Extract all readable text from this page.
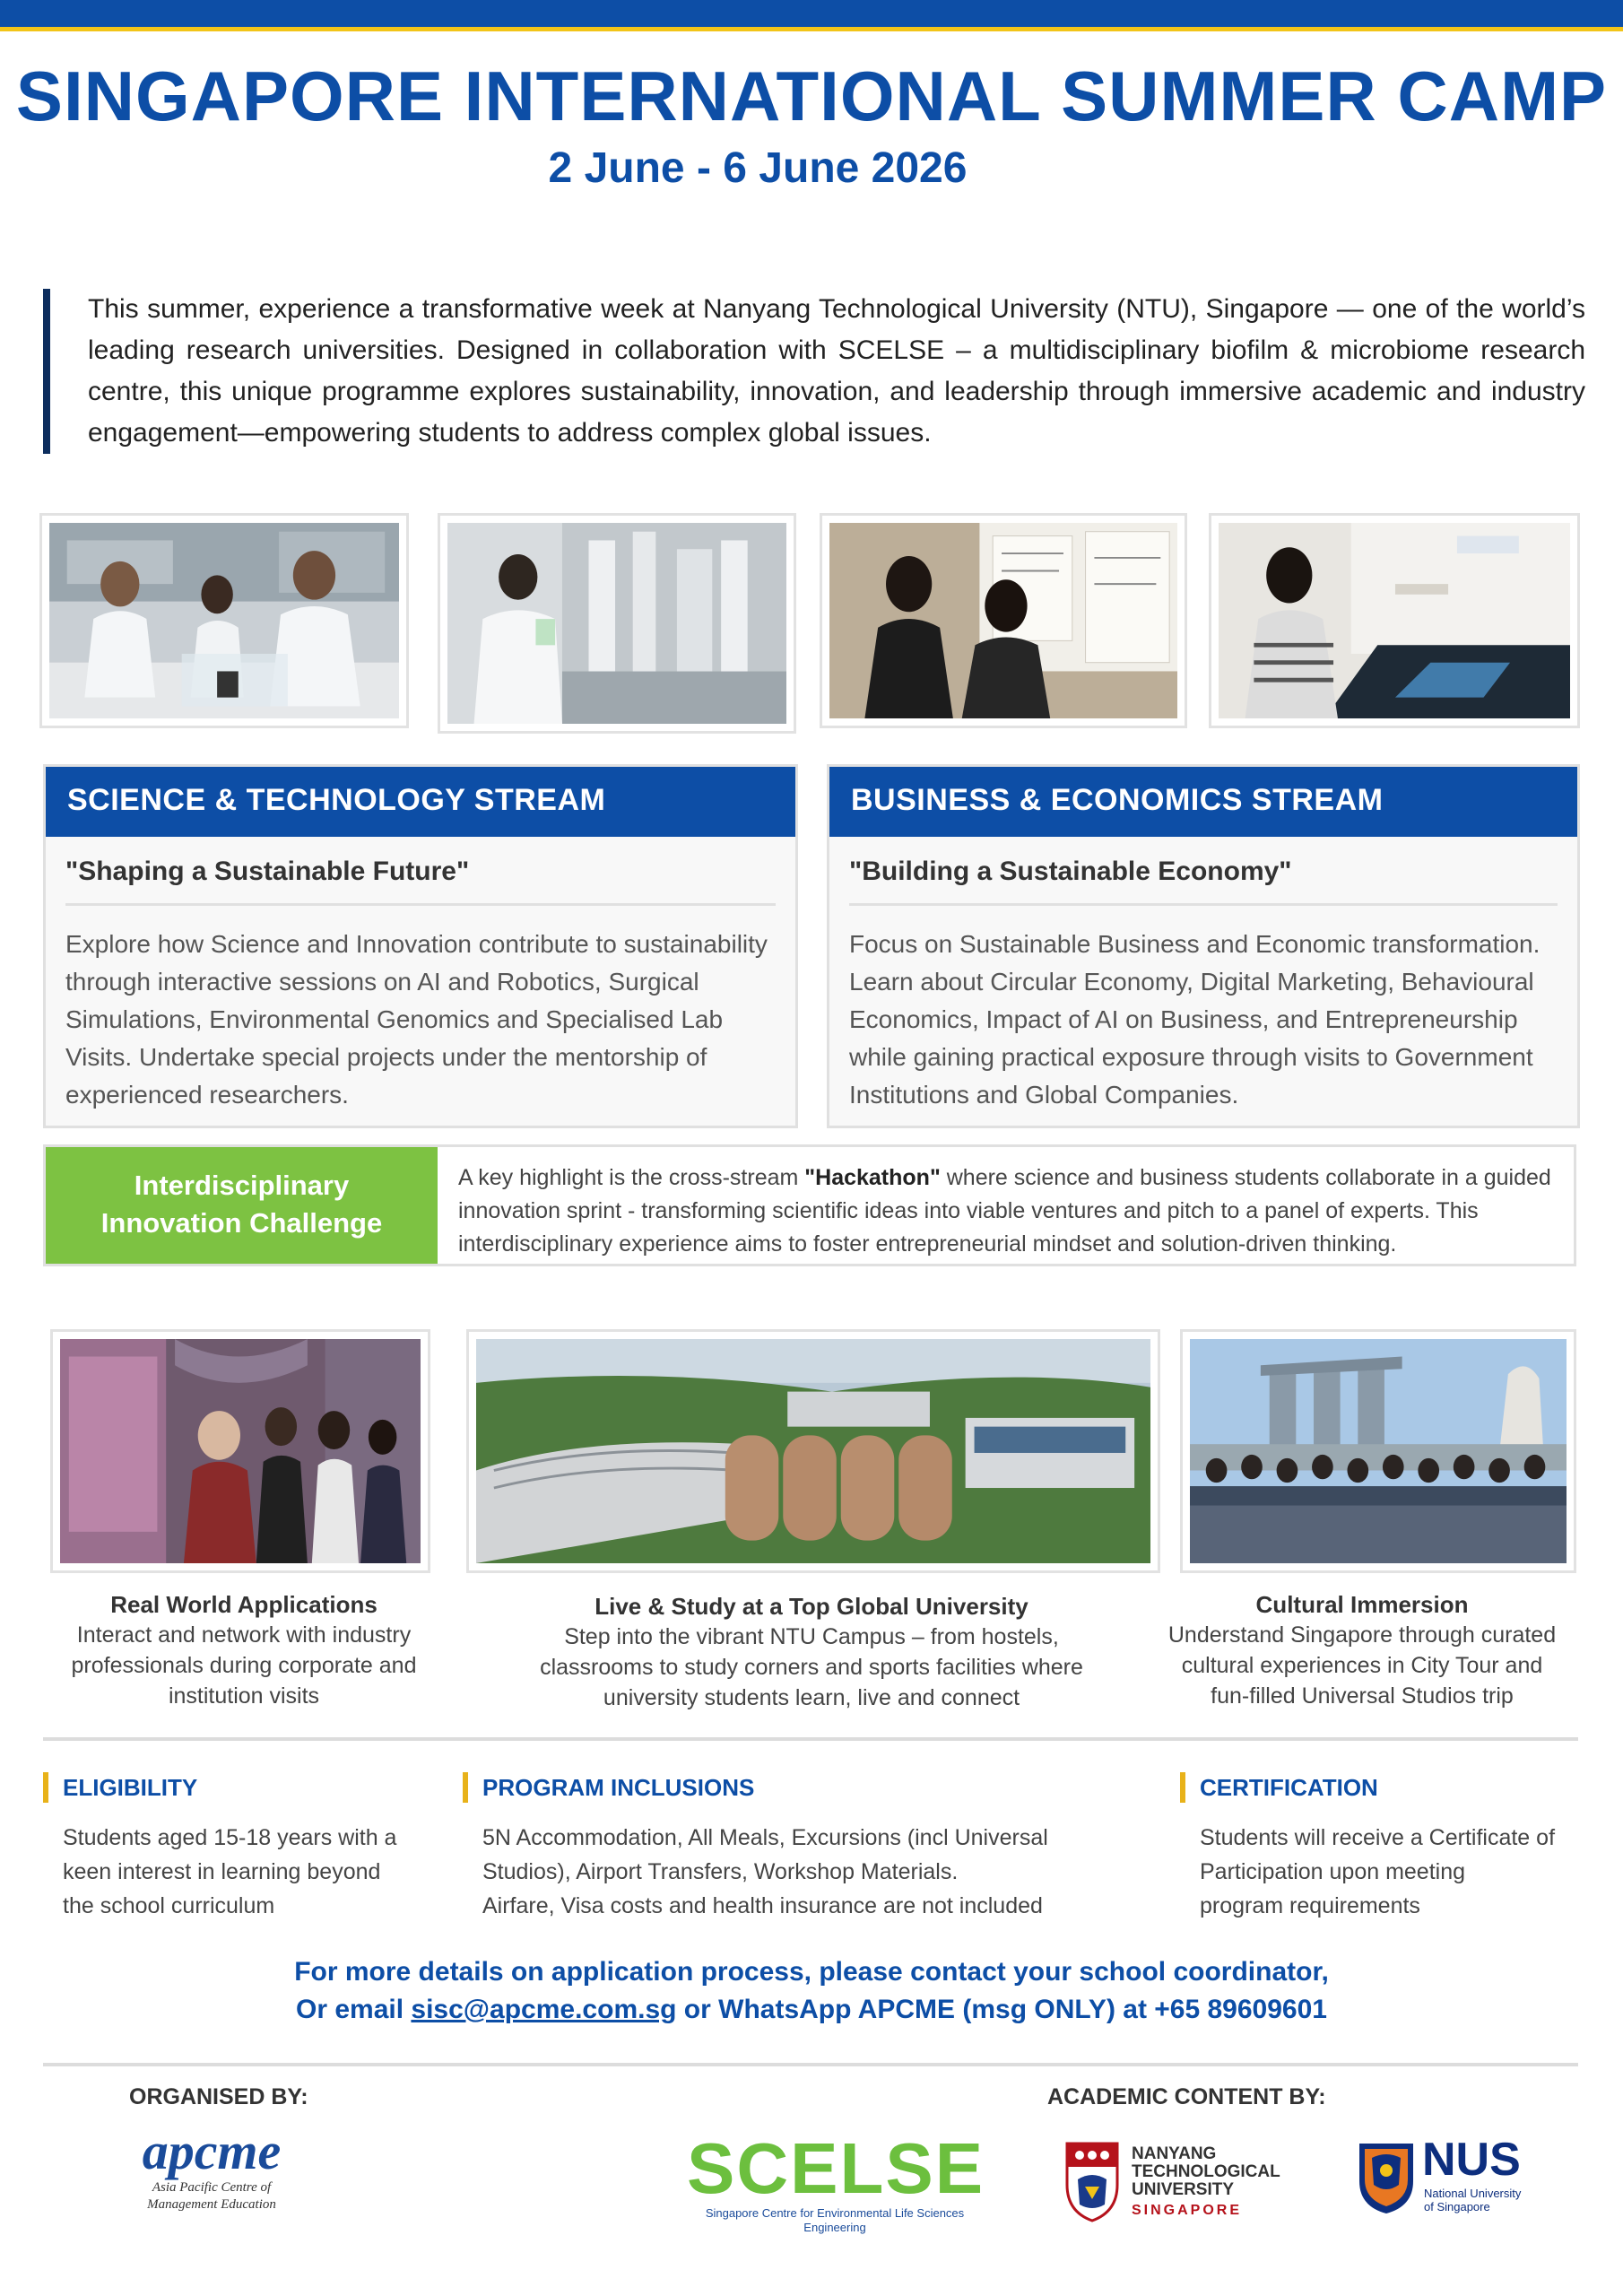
SINGAPORE INTERNATIONAL SUMMER CAMP
2 June - 6 June 2026

This summer, experience a transformative week at Nanyang Technological University (NTU), Singapore — one of the world’s leading research universities. Designed in collaboration with SCELSE – a multidisciplinary biofilm & microbiome research centre, this unique programme explores sustainability, innovation, and leadership through immersive academic and industry engagement—empowering students to address complex global issues.

SCIENCE & TECHNOLOGY STREAM
"Shaping a Sustainable Future"
Explore how Science and Innovation contribute to sustainability through interactive sessions on AI and Robotics, Surgical Simulations, Environmental Genomics and Specialised Lab Visits. Undertake special projects under the mentorship of experienced researchers.
BUSINESS & ECONOMICS STREAM
"Building a Sustainable Economy"
Focus on Sustainable Business and Economic transformation. Learn about Circular Economy, Digital Marketing, Behavioural Economics, Impact of AI on Business, and Entrepreneurship while gaining practical exposure through visits to Government Institutions and Global Companies.
Interdisciplinary
Innovation Challenge
A key highlight is the cross-stream "Hackathon" where science and business students collaborate in a guided innovation sprint - transforming scientific ideas into viable ventures and pitch to a panel of experts. This interdisciplinary experience aims to foster entrepreneurial mindset and solution-driven thinking.
Real World Applications
Interact and network with industry
professionals during corporate and
institution visits
Live & Study at a Top Global University
Step into the vibrant NTU Campus – from hostels,
classrooms to study corners and sports facilities where
university students learn, live and connect
Cultural Immersion
Understand Singapore through curated
cultural experiences in City Tour and
fun-filled Universal Studios trip
ELIGIBILITY
Students aged 15-18 years with a
keen interest in learning beyond
the school curriculum
PROGRAM INCLUSIONS
5N Accommodation, All Meals, Excursions (incl Universal
Studios), Airport Transfers, Workshop Materials.
Airfare, Visa costs and health insurance are not included
CERTIFICATION
Students will receive a Certificate of
Participation upon meeting
program requirements
For more details on application process, please contact your school coordinator,
Or email sisc@apcme.com.sg or WhatsApp APCME (msg ONLY) at +65 89609601
ORGANISED BY:	ACADEMIC CONTENT BY:
apcme
Asia Pacific Centre of
Management Education	SCELSE
Singapore Centre for Environmental Life Sciences Engineering
NANYANG
TECHNOLOGICAL
UNIVERSITY
SINGAPORE
NUS
National University
of Singapore
